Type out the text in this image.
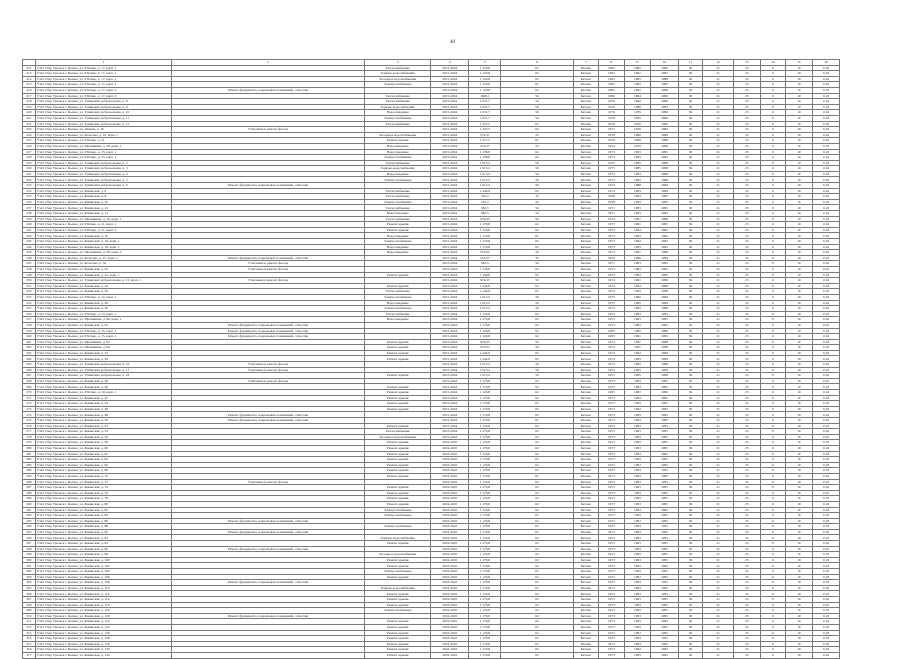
40
	1	2	3	4	5	6	7	8	9	10	11	12	13	14	15	16
212	Учёт Сбер Уральск г. Кызыл, ул. Р Батыр, д. 17, корп. 1		Теплоснабжение	2015-2044	1 129,8	62	Бетонн	1965	1982	1990	50	21	25	0	10	0,16
213	Учёт Сбер Уральск г. Кызыл, ул. Р Батыр, д. 17, корп. 2		Горячее водоснабжение	2015-2044	1 129,8	62	Бетонн	1965	1991	1995	50	21	25	0	10	0,16
214	Учёт Сбер Уральск г. Кызыл, ул. Р Батыр, д. 17, корп. 3		Холодное водоснабжение	2015-2044	1 129,8	62	Бетонн	1965	1985	1988	50	21	25	0	10	0,16
215	Учёт Сбер Уральск г. Кызыл, ул. Р Батыр, д. 17, корп. 4		Электроснабжение	2015-2044	1 129,8	62	Бетонн	1965	1965	1995	50	21	25	0	10	0,16
216	Учёт Сбер Уральск г. Кызыл, ул. Р Батыр, д. 17, корп. 5	Ремонт фундамента, подвальных помещений, отмостки		2015-2044	1 129,8	62	Бетонн	1965	1992	1998	50	21	25	0	10	0,16
217	Учёт Сбер Уральск г. Кызыл, ул. Р Батыр, д. 17, корп. 6		Теплоснабжение	2015-2044	1000,1	56	Бетонн	1966	1984	1990	50	21	25	0	10	0,16
218	Учёт Сбер Уральск г. Кызыл, ул. Тувинских добровольцев, д. 8		Теплоснабжение	2015-2044	1 031,7	56	Бетонн	1976	1992	1996	50	21	25	0	10	0,16
219	Учёт Сбер Уральск г. Кызыл, ул. Тувинских добровольцев, д. 9		Горячее водоснабжение	2015-2044	1 031,7	56	Бетонн	1976	1989	1993	50	21	25	0	10	0,16
220	Учёт Сбер Уральск г. Кызыл, ул. Тувинских добровольцев, д. 10		Водоотведение	2015-2044	1 031,7	56	Бетонн	1976	1976	1996	50	21	25	0	10	0,16
221	Учёт Сбер Уральск г. Кызыл, ул. Тувинских добровольцев, д. 11		Электроснабжение	2015-2044	1 031,7	56	Бетонн	1976	1995	1996	50	21	25	0	10	0,16
222	Учёт Сбер Уральск г. Кызыл, ул. Тувинских добровольцев, д. 12		Теплоснабжение	2015-2044	1 327,5	62	Бетонн	1976	2010	1996	50	21	25	0	10	0,16
223	Учёт Сбер Уральск г. Кызыл, ул. Ленина, д. 16	Утепление и ремонт фасада		2015-2044	1 327,5	62	Бетонн	1971	1976	1982	50	21	25	0	10	0,16
224	Учёт Сбер Уральск г. Кызыл, ул. Кочетова, д. 45, корп. 1		Холодное водоснабжение	2015-2044	574,37	35	Бетонн	1976	1996	1998	50	21	25	0	10	0,16
225	Учёт Сбер Уральск г. Кызыл, ул. Р Батыр, д. 21		Ремонт крыши	2015-2044	1 271,5	62	Бетонн	1976	1998	1998	50	21	25	0	10	0,16
226	Учёт Сбер Уральск г. Кызыл, ул. Щетинкина, д. 58, корп. 1		Водоотведение	2015-2044	574,37	35	Бетонн	1974	1979	1998	50	21	25	0	10	0,16
227	Учёт Сбер Уральск г. Кызыл, ул. Р Батыр, д. 23, корп. 1		Водоотведение	2015-2044	1 158,8	62	Бетонн	1973	1993	1995	50	21	25	0	10	0,16
228	Учёт Сбер Уральск г. Кызыл, ул. Р Батыр, д. 23, корп. 2		Электроснабжение	2015-2044	1 158,8	62	Бетонн	1973	1983	1995	50	21	25	0	10	0,16
229	Учёт Сбер Уральск г. Кызыл, ул. Тувинских добровольцев, д. 2		Теплоснабжение	2015-2044	1 015,2	56	Бетонн	1975	1995	1998	50	21	25	0	10	0,16
230	Учёт Сбер Уральск г. Кызыл, ул. Тувинских добровольцев, д. 3		Горячее водоснабжение	2015-2044	1 015,2	56	Бетонн	1975	1985	1998	50	21	25	0	10	0,16
231	Учёт Сбер Уральск г. Кызыл, ул. Тувинских добровольцев, д. 4		Водоотведение	2015-2044	1 015,2	56	Бетонн	1975	1993	1998	50	21	25	0	10	0,16
232	Учёт Сбер Уральск г. Кызыл, ул. Тувинских добровольцев, д. 5		Электроснабжение	2015-2044	1 015,2	56	Бетонн	1975	1995	1998	50	21	25	0	10	0,16
233	Учёт Сбер Уральск г. Кызыл, ул. Тувинских добровольцев, д. 6	Ремонт фундамента, подвальных помещений, отмостки		2015-2044	1 015,2	56	Бетонн	1975	1988	1998	50	21	25	0	10	0,16
234	Учёт Сбер Уральск г. Кызыл, ул. Бакинская, д. 6		Теплоснабжение	2015-2044	1 244,9	62	Бетонн	1974	1993	1998	50	21	25	0	10	0,16
235	Учёт Сбер Уральск г. Кызыл, ул. Бакинская, д. 8		Теплоснабжение	2015-2044	510,2	32	Бетонн	1958	1993	1995	50	21	25	0	10	0,16
236	Учёт Сбер Уральск г. Кызыл, ул. Бакинская, д. 10		Электроснабжение	2015-2044	510,2	32	Бетонн	1958	1993	1995	50	21	25	0	10	0,16
237	Учёт Сбер Уральск г. Кызыл, ул. Бакинская, д. 12		Теплоснабжение	2015-2044	963,5	56	Бетонн	1971	1983	1995	50	21	25	0	10	0,16
238	Учёт Сбер Уральск г. Кызыл, ул. Бакинская, д. 14		Водоотведение	2015-2044	963,5	56	Бетонн	1971	1993	1995	50	21	25	0	10	0,16
239	Учёт Сбер Уральск г. Кызыл, ул. Щетинкина, д. 56, корп. 1		Теплоснабжение	2015-2044	974,95	56	Бетонн	1974	1991	1998	50	21	25	0	10	0,16
240	Учёт Сбер Уральск г. Кызыл, ул. Р Батыр, д. 11, корп. 1		Ремонт крыши	2015-2044	1 170,8	62	Бетонн	1973	1991	1995	50	21	25	0	10	0,16
241	Учёт Сбер Уральск г. Кызыл, ул. Р Батыр, д. 11, корп. 2		Ремонт крыши	2015-2044	1 170,8	62	Бетонн	1973	1993	1995	50	21	25	0	10	0,16
242	Учёт Сбер Уральск г. Кызыл, ул. Бакинская, д. 16		Водоотведение	2015-2044	1 170,8	62	Бетонн	1973	1993	1995	50	21	25	0	10	0,16
243	Учёт Сбер Уральск г. Кызыл, ул. Бакинская, д. 16, корп. 1		Электроснабжение	2015-2044	1 170,8	62	Бетонн	1973	1993	1995	50	21	25	0	10	0,16
244	Учёт Сбер Уральск г. Кызыл, ул. Бакинская, д. 18, корп. 1		Водоотведение	2015-2044	1 170,8	62	Бетонн	1973	1993	1995	50	21	25	0	10	0,16
245	Учёт Сбер Уральск г. Кызыл, ул. Щетинкина, д. 58, корп. 2		Водоотведение	2015-2044	974,95	56	Бетонн	1974	1991	1998	50	21	25	0	10	0,16
246	Учёт Сбер Уральск г. Кызыл, ул. Кочетова, д. 47, корп. 1	Ремонт фундамента, подвальных помещений, отмостки		2015-2044	574,37	35	Бетонн	1976	1996	1998	50	21	25	0	10	0,16
247	Учёт Сбер Уральск г. Кызыл, ул. Кочетова, д. 34	Утепление и ремонт фасада		2015-2044	963,5	56	Бетонн	1971	1983	1995	50	21	25	0	10	0,16
248	Учёт Сбер Уральск г. Кызыл, ул. Бакинская, д. 20	Утепление и ремонт фасада		2015-2044	1 158,8	62	Бетонн	1973	1983	1995	50	21	25	0	10	0,16
249	Учёт Сбер Уральск г. Кызыл, ул. Бакинская, д. 22, корп. 1		Ремонт крыши	2015-2044	1 158,8	62	Бетонн	1973	1993	1995	50	21	25	0	10	0,16
250	Учёт Сбер Уральск г. Кызыл, ул. Тувинских добровольцев, д. 15, корп. 1	Утепление и ремонт фасада		2015-2044	974,95	56	Бетонн	1974	1991	1998	50	21	25	0	10	0,16
251	Учёт Сбер Уральск г. Кызыл, ул. Бакинская, д. 24		Ремонт крыши	2015-2044	1 244,9	62	Бетонн	1974	1993	1998	50	21	25	0	10	0,16
252	Учёт Сбер Уральск г. Кызыл, ул. Бакинская, д. 26		Теплоснабжение	2015-2044	1 244,9	62	Бетонн	1974	1993	1998	50	21	25	0	10	0,16
253	Учёт Сбер Уральск г. Кызыл, ул. Р Батыр, д. 12, корп. 1		Электроснабжение	2015-2044	1 015,2	56	Бетонн	1975	1995	1998	50	21	25	0	10	0,16
254	Учёт Сбер Уральск г. Кызыл, ул. Бакинская, д. 28		Водоотведение	2015-2044	1 015,2	56	Бетонн	1975	1995	1998	50	21	25	0	10	0,16
255	Учёт Сбер Уральск г. Кызыл, ул. Бакинская, д. 30		Электроснабжение	2015-2044	1 015,2	56	Бетонн	1975	1995	1998	50	21	25	0	10	0,16
256	Учёт Сбер Уральск г. Кызыл, ул. Р Батыр, д. 13, корп. 1		Теплоснабжение	2015-2044	1 170,8	62	Бетонн	1973	1993	1995	50	21	25	0	10	0,16
257	Учёт Сбер Уральск г. Кызыл, ул. Щетинкина, д. 60, корп. 1		Водоотведение	2015-2044	1 170,8	62	Бетонн	1973	1993	1995	50	21	25	0	10	0,16
258	Учёт Сбер Уральск г. Кызыл, ул. Бакинская, д. 32	Ремонт фундамента, подвальных помещений, отмостки		2015-2044	1 170,8	62	Бетонн	1973	1993	1995	50	21	25	0	10	0,16
259	Учёт Сбер Уральск г. Кызыл, ул. Р Батыр, д. 15, корп. 1	Ремонт фундамента, подвальных помещений, отмостки		2015-2044	1 129,8	62	Бетонн	1965	1982	1990	50	21	25	0	10	0,16
260	Учёт Сбер Уральск г. Кызыл, ул. Р Батыр, д. 15, корп. 2	Ремонт фундамента, подвальных помещений, отмостки		2015-2044	1 129,8	62	Бетонн	1965	1991	1995	50	21	25	0	10	0,16
261	Учёт Сбер Уральск г. Кызыл, ул. Щетинкина, д. 62		Ремонт крыши	2015-2044	974,95	56	Бетонн	1974	1991	1998	50	21	25	0	10	0,16
262	Учёт Сбер Уральск г. Кызыл, ул. Щетинкина, д. 64		Ремонт крыши	2015-2044	974,95	56	Бетонн	1974	1991	1998	50	21	25	0	10	0,16
263	Учёт Сбер Уральск г. Кызыл, ул. Бакинская, д. 34		Ремонт крыши	2015-2044	1 244,9	62	Бетонн	1974	1993	1998	50	21	25	0	10	0,16
264	Учёт Сбер Уральск г. Кызыл, ул. Бакинская, д. 36		Ремонт крыши	2015-2044	1 244,9	62	Бетонн	1974	1993	1998	50	21	25	0	10	0,16
265	Учёт Сбер Уральск г. Кызыл, ул. Тувинских добровольцев, д. 16	Утепление и ремонт фасада		2015-2044	1 015,2	56	Бетонн	1975	1995	1998	50	21	25	0	10	0,16
266	Учёт Сбер Уральск г. Кызыл, ул. Тувинских добровольцев, д. 17	Утепление и ремонт фасада		2015-2044	1 015,2	56	Бетонн	1975	1995	1998	50	21	25	0	10	0,16
267	Учёт Сбер Уральск г. Кызыл, ул. Тувинских добровольцев, д. 18		Ремонт крыши	2015-2044	1 015,2	56	Бетонн	1975	1995	1998	50	21	25	0	10	0,16
268	Учёт Сбер Уральск г. Кызыл, ул. Бакинская, д. 38	Утепление и ремонт фасада		2015-2044	1 170,8	62	Бетонн	1973	1993	1995	50	21	25	0	10	0,16
269	Учёт Сбер Уральск г. Кызыл, ул. Бакинская, д. 40		Ремонт крыши	2015-2044	1 170,8	62	Бетонн	1973	1993	1995	50	21	25	0	10	0,16
270	Учёт Сбер Уральск г. Кызыл, ул. Р Батыр, д. 19, корп. 1		Ремонт крыши	2015-2044	1 129,8	62	Бетонн	1965	1982	1990	50	21	25	0	10	0,16
271	Учёт Сбер Уральск г. Кызыл, ул. Бакинская, д. 42		Ремонт крыши	2015-2044	1 170,8	62	Бетонн	1973	1993	1995	50	21	25	0	10	0,16
272	Учёт Сбер Уральск г. Кызыл, ул. Бакинская, д. 44		Ремонт крыши	2015-2044	1 170,8	62	Бетонн	1973	1993	1995	50	21	25	0	10	0,16
273	Учёт Сбер Уральск г. Кызыл, ул. Бакинская, д. 46		Ремонт крыши	2015-2044	1 170,8	62	Бетонн	1973	1993	1995	50	21	25	0	10	0,16
274	Учёт Сбер Уральск г. Кызыл, ул. Бакинская, д. 48	Ремонт фундамента, подвальных помещений, отмостки		2015-2044	1 170,8	62	Бетонн	1973	1993	1995	50	21	25	0	10	0,16
275	Учёт Сбер Уральск г. Кызыл, ул. Бакинская, д. 50	Ремонт фундамента, подвальных помещений, отмостки		2015-2044	1 170,8	62	Бетонн	1973	1993	1995	50	21	25	0	10	0,16
276	Учёт Сбер Уральск г. Кызыл, ул. Бакинская, д. 52		Ремонт крыши	2015-2044	1 170,8	62	Бетонн	1973	1993	1995	50	21	25	0	10	0,16
277	Учёт Сбер Уральск г. Кызыл, ул. Бакинская, д. 54		Теплоснабжение	2015-2044	1 170,8	62	Бетонн	1973	1993	1995	50	21	25	0	10	0,16
278	Учёт Сбер Уральск г. Кызыл, ул. Бакинская, д. 56		Холодное водоснабжение	2015-2044	1 170,8	62	Бетонн	1973	1993	1995	50	21	25	0	10	0,16
279	Учёт Сбер Уральск г. Кызыл, ул. Бакинская, д. 58		Ремонт крыши	2016-2045	1 170,8	62	Бетонн	1973	1993	1995	50	21	25	0	10	0,16
280	Учёт Сбер Уральск г. Кызыл, ул. Бакинская, д. 60		Ремонт крыши	2016-2045	1 170,8	62	Бетонн	1973	1993	1995	50	21	25	0	10	0,16
281	Учёт Сбер Уральск г. Кызыл, ул. Бакинская, д. 62		Ремонт крыши	2016-2045	1 170,8	62	Бетонн	1973	1993	1995	50	21	25	0	10	0,16
282	Учёт Сбер Уральск г. Кызыл, ул. Бакинская, д. 64		Ремонт крыши	2016-2045	1 170,8	62	Бетонн	1973	1993	1995	50	21	25	0	10	0,16
283	Учёт Сбер Уральск г. Кызыл, ул. Бакинская, д. 66		Ремонт крыши	2016-2045	1 170,8	62	Бетонн	1973	1993	1995	50	21	25	0	10	0,16
284	Учёт Сбер Уральск г. Кызыл, ул. Бакинская, д. 68		Ремонт крыши	2016-2045	1 170,8	62	Бетонн	1973	1993	1995	50	21	25	0	10	0,16
285	Учёт Сбер Уральск г. Кызыл, ул. Бакинская, д. 70		Ремонт крыши	2016-2045	1 170,8	62	Бетонн	1973	1993	1995	50	21	25	0	10	0,16
286	Учёт Сбер Уральск г. Кызыл, ул. Бакинская, д. 72	Утепление и ремонт фасада		2016-2045	1 170,8	62	Бетонн	1973	1993	1995	50	21	25	0	10	0,16
287	Учёт Сбер Уральск г. Кызыл, ул. Бакинская, д. 74		Ремонт крыши	2016-2045	1 170,8	62	Бетонн	1973	1993	1995	50	21	25	0	10	0,16
288	Учёт Сбер Уральск г. Кызыл, ул. Бакинская, д. 76		Ремонт крыши	2016-2045	1 170,8	62	Бетонн	1973	1993	1995	50	21	25	0	10	0,16
289	Учёт Сбер Уральск г. Кызыл, ул. Бакинская, д. 78		Ремонт крыши	2016-2045	1 170,8	62	Бетонн	1973	1993	1995	50	21	25	0	10	0,16
290	Учёт Сбер Уральск г. Кызыл, ул. Бакинская, д. 80		Ремонт крыши	2016-2045	1 170,8	62	Бетонн	1973	1993	1995	50	21	25	0	10	0,16
291	Учёт Сбер Уральск г. Кызыл, ул. Бакинская, д. 82		Электроснабжение	2016-2045	1 170,8	62	Бетонн	1973	1993	1995	50	21	25	0	10	0,16
292	Учёт Сбер Уральск г. Кызыл, ул. Бакинская, д. 84		Электроснабжение	2016-2045	1 170,8	62	Бетонн	1973	1993	1995	50	21	25	0	10	0,16
293	Учёт Сбер Уральск г. Кызыл, ул. Бакинская, д. 86	Ремонт фундамента, подвальных помещений, отмостки		2016-2045	1 170,8	62	Бетонн	1973	1993	1995	50	21	25	0	10	0,16
294	Учёт Сбер Уральск г. Кызыл, ул. Бакинская, д. 88		Электроснабжение	2016-2045	1 170,8	62	Бетонн	1973	1993	1995	50	21	25	0	10	0,16
295	Учёт Сбер Уральск г. Кызыл, ул. Бакинская, д. 90	Ремонт фундамента, подвальных помещений, отмостки		2016-2045	1 170,8	62	Бетонн	1973	1993	1995	50	21	25	0	10	0,16
296	Учёт Сбер Уральск г. Кызыл, ул. Бакинская, д. 92		Горячее водоснабжение	2016-2045	1 170,8	62	Бетонн	1973	1993	1995	50	21	25	0	10	0,16
297	Учёт Сбер Уральск г. Кызыл, ул. Бакинская, д. 94		Ремонт крыши	2016-2045	1 170,8	62	Бетонн	1973	1993	1995	50	21	25	0	10	0,16
298	Учёт Сбер Уральск г. Кызыл, ул. Бакинская, д. 96	Ремонт фундамента, подвальных помещений, отмостки		2016-2045	1 170,8	62	Бетонн	1973	1993	1995	50	21	25	0	10	0,16
299	Учёт Сбер Уральск г. Кызыл, ул. Бакинская, д. 98		Холодное водоснабжение	2016-2045	1 170,8	62	Бетонн	1973	1993	1995	50	21	25	0	10	0,16
300	Учёт Сбер Уральск г. Кызыл, ул. Бакинская, д. 100		Ремонт крыши	2016-2045	1 170,8	62	Бетонн	1973	1993	1995	50	21	25	0	10	0,16
301	Учёт Сбер Уральск г. Кызыл, ул. Бакинская, д. 102		Ремонт крыши	2016-2045	1 170,8	62	Бетонн	1973	1993	1995	50	21	25	0	10	0,16
302	Учёт Сбер Уральск г. Кызыл, ул. Бакинская, д. 104		Электроснабжение	2016-2045	1 170,8	62	Бетонн	1973	1993	1995	50	21	25	0	10	0,16
303	Учёт Сбер Уральск г. Кызыл, ул. Бакинская, д. 106		Ремонт крыши	2016-2045	1 170,8	62	Бетонн	1973	1993	1995	50	21	25	0	10	0,16
304	Учёт Сбер Уральск г. Кызыл, ул. Бакинская, д. 108	Ремонт фундамента, подвальных помещений, отмостки		2016-2045	1 170,8	62	Бетонн	1973	1993	1995	50	21	25	0	10	0,16
305	Учёт Сбер Уральск г. Кызыл, ул. Бакинская, д. 110		Горячее водоснабжение	2016-2045	1 170,8	62	Бетонн	1973	1993	1995	50	21	25	0	10	0,16
306	Учёт Сбер Уральск г. Кызыл, ул. Бакинская, д. 112		Ремонт крыши	2016-2045	1 170,8	62	Бетонн	1973	1993	1995	50	21	25	0	10	0,16
307	Учёт Сбер Уральск г. Кызыл, ул. Бакинская, д. 114		Ремонт крыши	2016-2045	1 170,8	62	Бетонн	1973	1993	1995	50	21	25	0	10	0,16
308	Учёт Сбер Уральск г. Кызыл, ул. Бакинская, д. 116		Ремонт крыши	2016-2045	1 170,8	62	Бетонн	1973	1993	1995	50	21	25	0	10	0,16
309	Учёт Сбер Уральск г. Кызыл, ул. Бакинская, д. 118		Электроснабжение	2016-2045	1 170,8	62	Бетонн	1973	1993	1995	50	21	25	0	10	0,16
310	Учёт Сбер Уральск г. Кызыл, ул. Бакинская, д. 120	Ремонт фундамента, подвальных помещений, отмостки		2016-2045	1 170,8	62	Бетонн	1973	1993	1995	50	21	25	0	10	0,16
311	Учёт Сбер Уральск г. Кызыл, ул. Бакинская, д. 122		Ремонт крыши	2016-2045	1 170,8	62	Бетонн	1973	1993	1995	50	21	25	0	10	0,16
312	Учёт Сбер Уральск г. Кызыл, ул. Бакинская, д. 124		Ремонт крыши	2016-2045	1 170,8	62	Бетонн	1973	1993	1995	50	21	25	0	10	0,16
313	Учёт Сбер Уральск г. Кызыл, ул. Бакинская, д. 126		Ремонт крыши	2016-2045	1 170,8	62	Бетонн	1973	1993	1995	50	21	25	0	10	0,16
314	Учёт Сбер Уральск г. Кызыл, ул. Бакинская, д. 128		Ремонт крыши	2016-2045	1 170,8	62	Бетонн	1973	1993	1995	50	21	25	0	10	0,16
315	Учёт Сбер Уральск г. Кызыл, ул. Бакинская, д. 130		Ремонт крыши	2016-2045	1 170,8	62	Бетонн	1973	1993	1995	50	21	25	0	10	0,16
316	Учёт Сбер Уральск г. Кызыл, ул. Бакинская, д. 132		Ремонт крыши	2016-2045	1 170,8	62	Бетонн	1973	1993	1995	50	21	25	0	10	0,16
317	Учёт Сбер Уральск г. Кызыл, ул. Бакинская, д. 134		Ремонт крыши	2016-2045	1 170,8	62	Бетонн	1973	1993	1995	50	21	25	0	10	0,16
